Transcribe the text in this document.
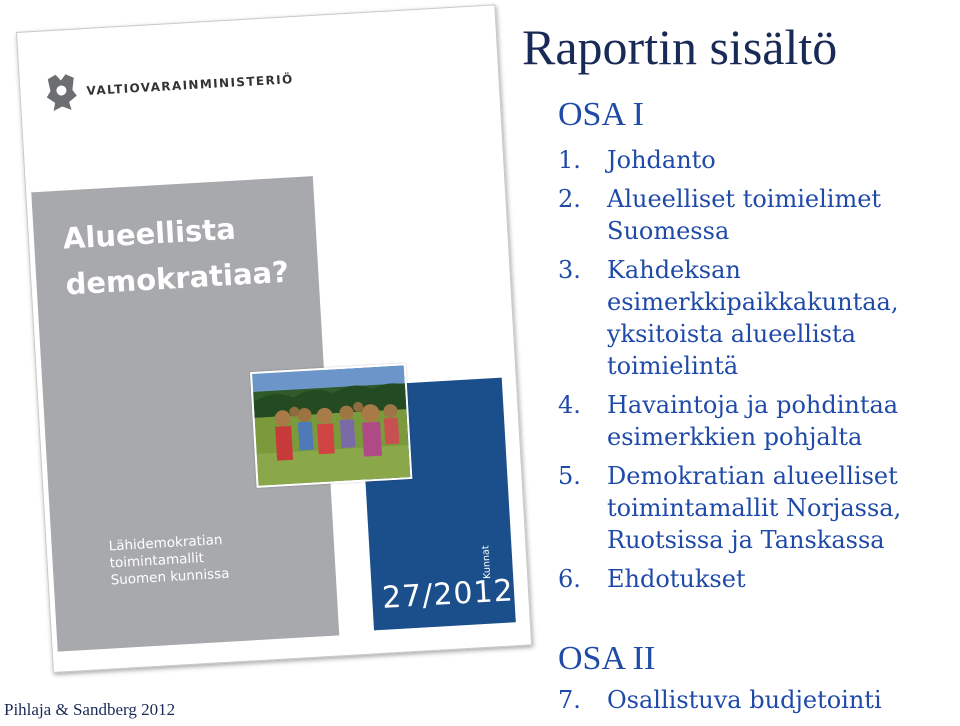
VALTIOVARAINMINISTERIÖ
Alueellista
demokratiaa?
Lähidemokratian
toimintamallit
Suomen kunnissa	27/2012
Kunnat
Raportin sisältö
OSA I
1.	Johdanto
2.	Alueelliset toimielimet Suomessa
3.	Kahdeksan esimerkkipaikkakuntaa, yksitoista alueellista toimielintä
4.	Havaintoja ja pohdintaa esimerkkien pohjalta
5.	Demokratian alueelliset toimintamallit Norjassa, Ruotsissa ja Tanskassa
6.	Ehdotukset
OSA II
7.	Osallistuva budjetointi
Pihlaja & Sandberg 2012
